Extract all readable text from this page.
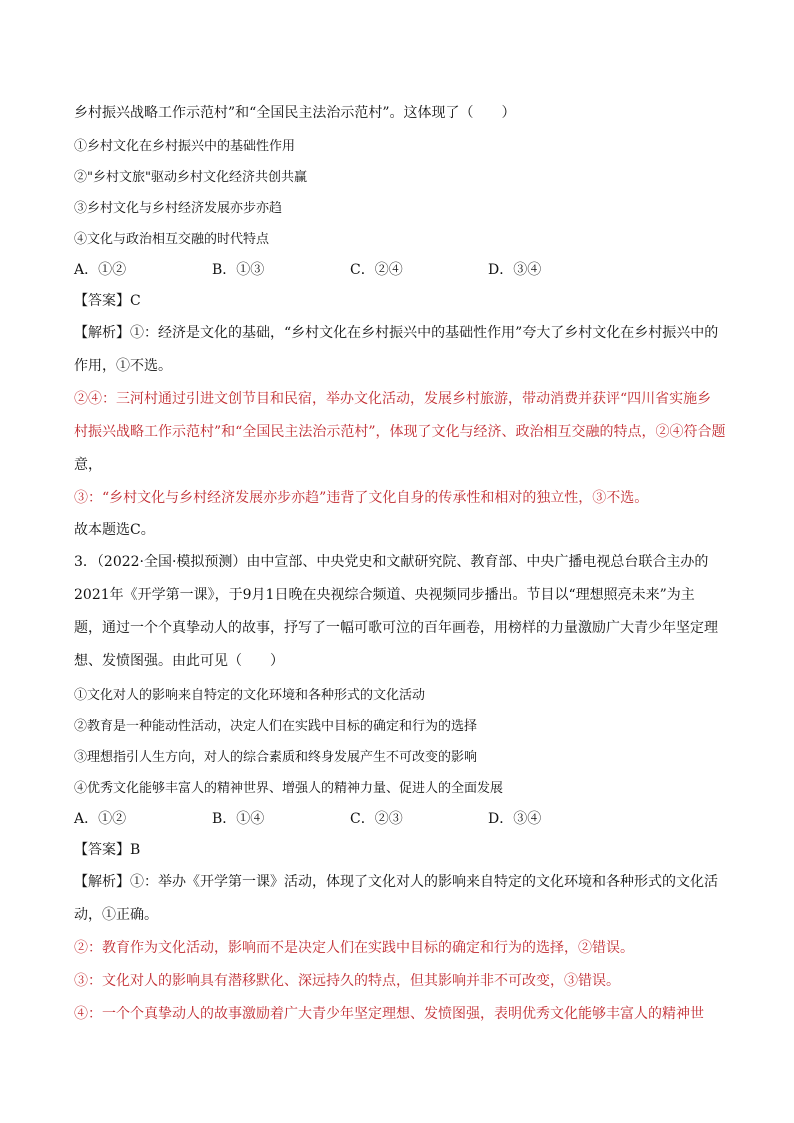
乡村振兴战略工作示范村”和“全国民主法治示范村”。这体现了（　　）

①乡村文化在乡村振兴中的基础性作用

②"乡村文旅"驱动乡村文化经济共创共赢

③乡村文化与乡村经济发展亦步亦趋

④文化与政治相互交融的时代特点

A．①②	B．①③	C．②④	D．③④

【答案】C

【解析】①：经济是文化的基础，“乡村文化在乡村振兴中的基础性作用”夸大了乡村文化在乡村振兴中的

作用，①不选。

②④：三河村通过引进文创节目和民宿，举办文化活动，发展乡村旅游，带动消费并获评“四川省实施乡

村振兴战略工作示范村”和“全国民主法治示范村”，体现了文化与经济、政治相互交融的特点，②④符合题

意，

③：“乡村文化与乡村经济发展亦步亦趋”违背了文化自身的传承性和相对的独立性，③不选。

故本题选C。

3．（2022·全国·模拟预测）由中宣部、中央党史和文献研究院、教育部、中央广播电视总台联合主办的

2021年《开学第一课》，于9月1日晚在央视综合频道、央视频同步播出。节目以“理想照亮未来”为主

题，通过一个个真挚动人的故事，抒写了一幅可歌可泣的百年画卷，用榜样的力量激励广大青少年坚定理

想、发愤图强。由此可见（　　）

①文化对人的影响来自特定的文化环境和各种形式的文化活动

②教育是一种能动性活动，决定人们在实践中目标的确定和行为的选择

③理想指引人生方向，对人的综合素质和终身发展产生不可改变的影响

④优秀文化能够丰富人的精神世界、增强人的精神力量、促进人的全面发展

A．①②	B．①④	C．②③	D．③④

【答案】B

【解析】①：举办《开学第一课》活动，体现了文化对人的影响来自特定的文化环境和各种形式的文化活

动，①正确。

②：教育作为文化活动，影响而不是决定人们在实践中目标的确定和行为的选择，②错误。

③：文化对人的影响具有潜移默化、深远持久的特点，但其影响并非不可改变，③错误。

④：一个个真挚动人的故事激励着广大青少年坚定理想、发愤图强，表明优秀文化能够丰富人的精神世
